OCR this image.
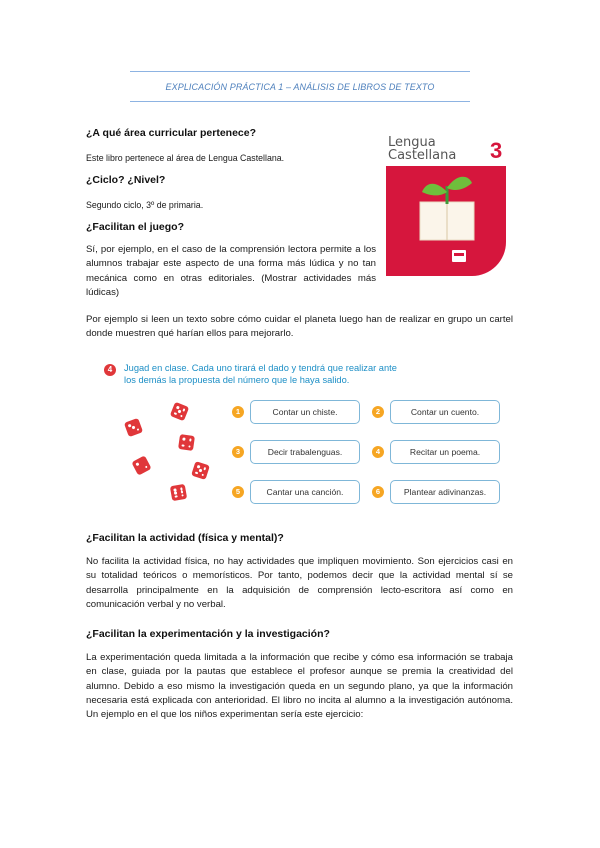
EXPLICACIÓN PRÁCTICA 1 – ANÁLISIS DE LIBROS DE TEXTO
¿A qué área curricular pertenece?
Este libro pertenece al área de Lengua Castellana.
¿Ciclo? ¿Nivel?
Segundo ciclo, 3º de primaria.
¿Facilitan el juego?
Sí, por ejemplo, en el caso de la comprensión lectora permite a los alumnos trabajar este aspecto de una forma más lúdica y no tan mecánica como en otras editoriales. (Mostrar actividades más lúdicas)
Lengua
Castellana 3
Por ejemplo si leen un texto sobre cómo cuidar el planeta luego han de realizar en grupo un cartel donde muestren qué harían ellos para mejorarlo.
4	Jugad en clase. Cada uno tirará el dado y tendrá que realizar ante
los demás la propuesta del número que le haya salido.
1	Contar un chiste.	2	Contar un cuento.
3	Decir trabalenguas.	4	Recitar un poema.
5	Cantar una canción.	6	Plantear adivinanzas.
¿Facilitan la actividad (física y mental)?
No facilita la actividad física, no hay actividades que impliquen movimiento. Son ejercicios casi en su totalidad teóricos o memorísticos. Por tanto, podemos decir que la actividad mental sí se desarrolla principalmente en la adquisición de comprensión lecto-escritora así como en comunicación verbal y no verbal.
¿Facilitan la experimentación y la investigación?
La experimentación queda limitada a la información que recibe y cómo esa información se trabaja en clase, guiada por la pautas que establece el profesor aunque se premia la creatividad del alumno. Debido a eso mismo la investigación queda en un segundo plano, ya que la información necesaria está explicada con anterioridad. El libro no incita al alumno a la investigación autónoma. Un ejemplo en el que los niños experimentan sería este ejercicio:
